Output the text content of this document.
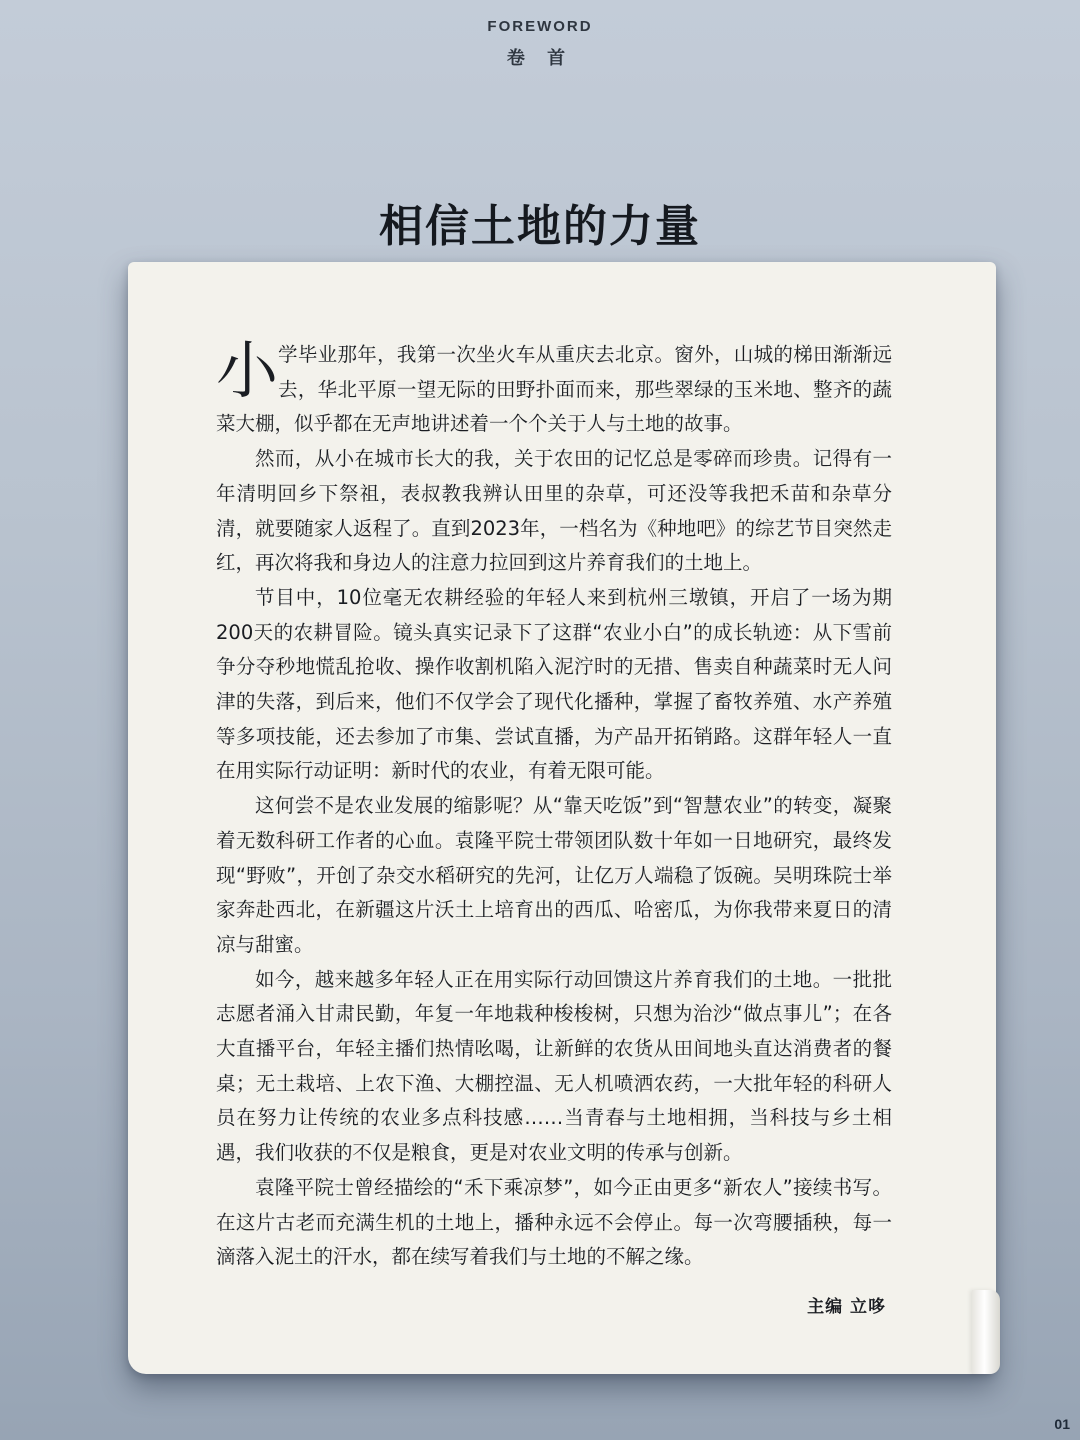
FOREWORD
卷 首
相信土地的力量

小学毕业那年，我第一次坐火车从重庆去北京。窗外，山城的梯田渐渐远去，华北平原一望无际的田野扑面而来，那些翠绿的玉米地、整齐的蔬菜大棚，似乎都在无声地讲述着一个个关于人与土地的故事。

然而，从小在城市长大的我，关于农田的记忆总是零碎而珍贵。记得有一年清明回乡下祭祖，表叔教我辨认田里的杂草，可还没等我把禾苗和杂草分清，就要随家人返程了。直到2023年，一档名为《种地吧》的综艺节目突然走红，再次将我和身边人的注意力拉回到这片养育我们的土地上。

节目中，10位毫无农耕经验的年轻人来到杭州三墩镇，开启了一场为期200天的农耕冒险。镜头真实记录下了这群“农业小白”的成长轨迹：从下雪前争分夺秒地慌乱抢收、操作收割机陷入泥泞时的无措、售卖自种蔬菜时无人问津的失落，到后来，他们不仅学会了现代化播种，掌握了畜牧养殖、水产养殖等多项技能，还去参加了市集、尝试直播，为产品开拓销路。这群年轻人一直在用实际行动证明：新时代的农业，有着无限可能。

这何尝不是农业发展的缩影呢？从“靠天吃饭”到“智慧农业”的转变，凝聚着无数科研工作者的心血。袁隆平院士带领团队数十年如一日地研究，最终发现“野败”，开创了杂交水稻研究的先河，让亿万人端稳了饭碗。吴明珠院士举家奔赴西北，在新疆这片沃土上培育出的西瓜、哈密瓜，为你我带来夏日的清凉与甜蜜。

如今，越来越多年轻人正在用实际行动回馈这片养育我们的土地。一批批志愿者涌入甘肃民勤，年复一年地栽种梭梭树，只想为治沙“做点事儿”；在各大直播平台，年轻主播们热情吆喝，让新鲜的农货从田间地头直达消费者的餐桌；无土栽培、上农下渔、大棚控温、无人机喷洒农药，一大批年轻的科研人员在努力让传统的农业多点科技感……当青春与土地相拥，当科技与乡土相遇，我们收获的不仅是粮食，更是对农业文明的传承与创新。

袁隆平院士曾经描绘的“禾下乘凉梦”，如今正由更多“新农人”接续书写。在这片古老而充满生机的土地上，播种永远不会停止。每一次弯腰插秧，每一滴落入泥土的汗水，都在续写着我们与土地的不解之缘。

主编 立哆
01
